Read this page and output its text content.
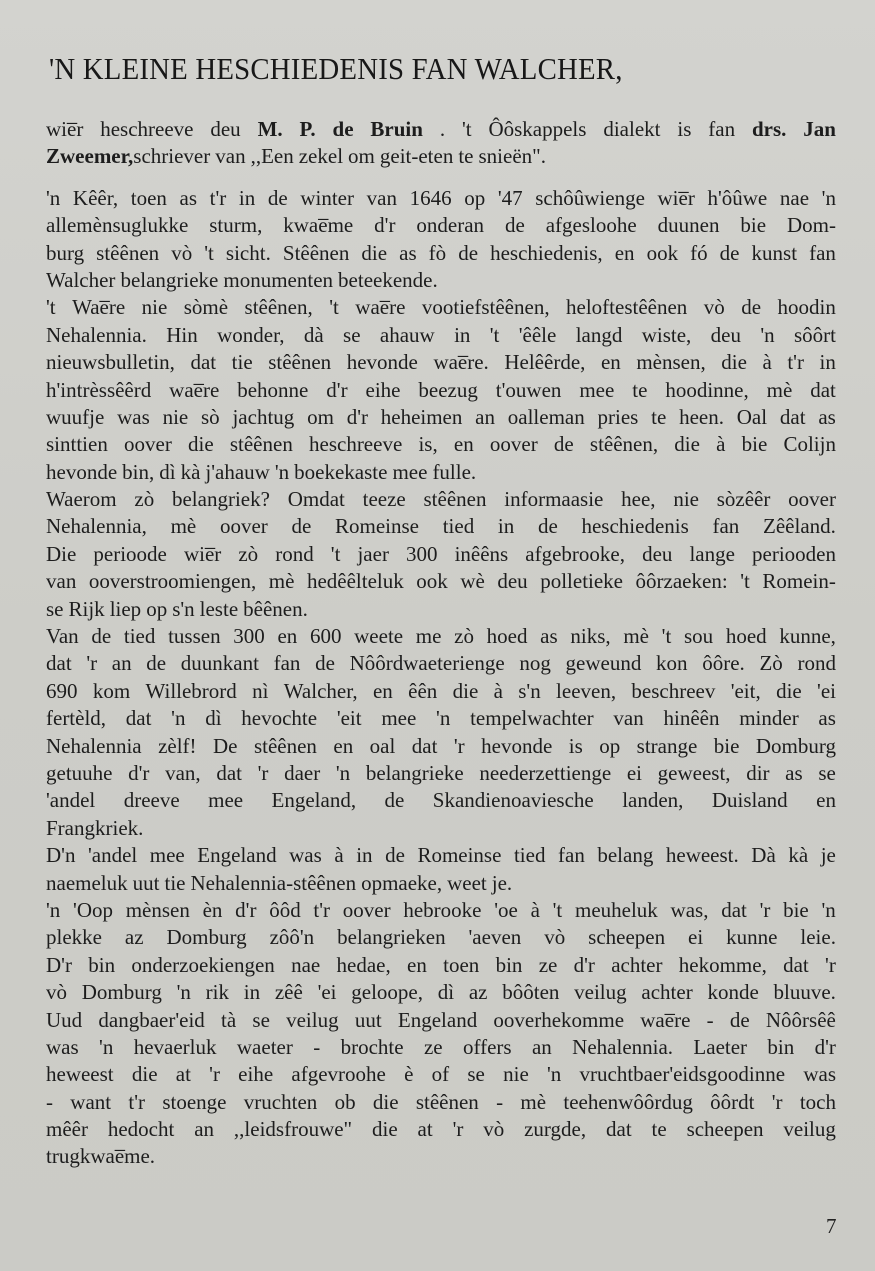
'N KLEINE HESCHIEDENIS FAN WALCHER,
wie̅r heschreeve deu M. P. de Bruin . 't Ôôskappels dialekt is fan drs. Jan
Zweemer, schriever van ,,Een zekel om geit-eten te snieën".
'n Kêêr, toen as t'r in de winter van 1646 op '47 schôûwienge wie̅r h'ôûwe nae 'n
allemènsuglukke sturm, kwae̅me d'r onderan de afgesloohe duunen bie Dom-
burg stêênen vò 't sicht. Stêênen die as fò de heschiedenis, en ook fó de kunst fan
Walcher belangrieke monumenten beteekende.
't Wae̅re nie sòmè stêênen, 't wae̅re vootiefstêênen, heloftestêênen vò de hoodin
Nehalennia. Hin wonder, dà se ahauw in 't 'êêle langd wiste, deu 'n sôôrt
nieuwsbulletin, dat tie stêênen hevonde wae̅re. Helêêrde, en mènsen, die à t'r in
h'intrèssêêrd wae̅re behonne d'r eihe beezug t'ouwen mee te hoodinne, mè dat
wuufje was nie sò jachtug om d'r heheimen an oalleman pries te heen. Oal dat as
sinttien oover die stêênen heschreeve is, en oover de stêênen, die à bie Colijn
hevonde bin, dì kà j'ahauw 'n boekekaste mee fulle.
Waerom zò belangriek? Omdat teeze stêênen informaasie hee, nie sòzêêr oover
Nehalennia, mè oover de Romeinse tied in de heschiedenis fan Zêêland.
Die perioode wie̅r zò rond 't jaer 300 inêêns afgebrooke, deu lange periooden
van ooverstroomiengen, mè hedêêlteluk ook wè deu polletieke ôôrzaeken: 't Romein-
se Rijk liep op s'n leste bêênen.
Van de tied tussen 300 en 600 weete me zò hoed as niks, mè 't sou hoed kunne,
dat 'r an de duunkant fan de Nôôrdwaeteriengе nog geweund kon ôôre. Zò rond
690 kom Willebrord nì Walcher, en êên die à s'n leeven, beschreev 'eit, die 'ei
fertèld, dat 'n dì hevochte 'eit mee 'n tempelwachter van hinêên minder as
Nehalennia zèlf! De stêênen en oal dat 'r hevonde is op strange bie Domburg
getuuhe d'r van, dat 'r daer 'n belangrieke neederzettienge ei geweest, dir as se
'andel dreeve mee Engeland, de Skandienoaviesche landen, Duisland en
Frangkriek.
D'n 'andel mee Engeland was à in de Romeinse tied fan belang heweest. Dà kà je
naemeluk uut tie Nehalennia-stêênen opmaeke, weet je.
'n 'Oop mènsen èn d'r ôôd t'r oover hebrooke 'oe à 't meuheluk was, dat 'r bie 'n
plekke az Domburg zôô'n belangrieken 'aeven vò scheepen ei kunne leie.
D'r bin onderzoekiengen nae hedae, en toen bin ze d'r achter hekomme, dat 'r
vò Domburg 'n rik in zêê 'ei geloope, dì az bôôten veilug achter konde bluuve.
Uud dangbaer'eid tà se veilug uut Engeland ooverhekomme wae̅re - de Nôôrsêê
was 'n hevaerluk waeter - brochte ze offers an Nehalennia. Laeter bin d'r
heweest die at 'r eihe afgevroohe è of se nie 'n vruchtbaer'eidsgoodinne was
- want t'r stoenge vruchten ob die stêênen - mè teehenwôôrdug ôôrdt 'r toch
mêêr hedocht an ,,leidsfrouwe" die at 'r vò zurgde, dat te scheepen veilug
trugkwae̅me.
7
